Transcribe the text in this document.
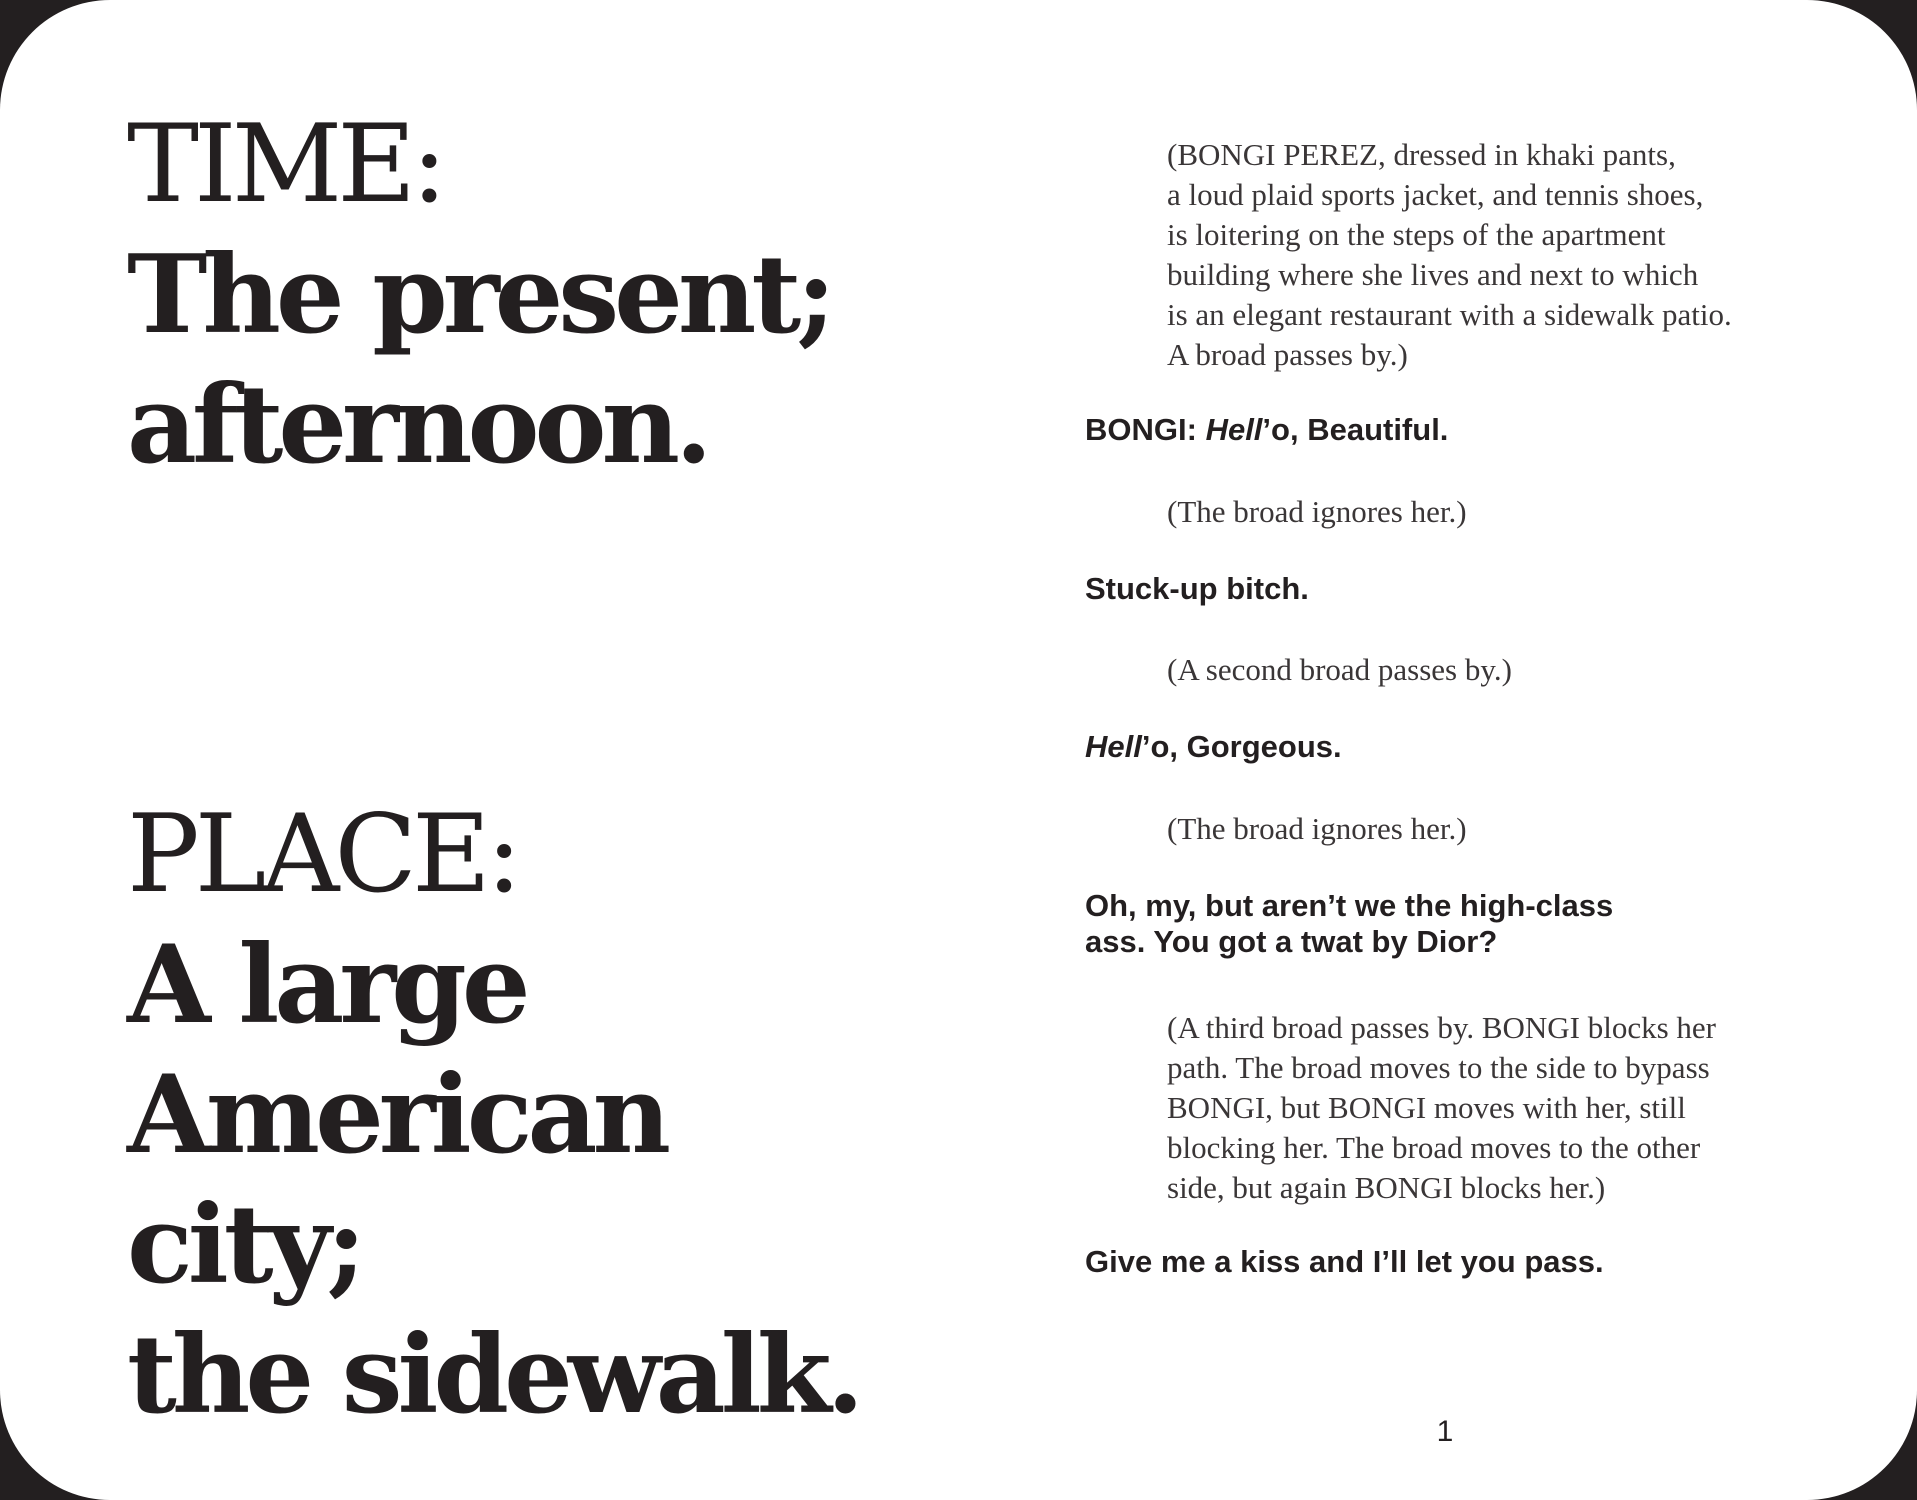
TIME:
The present;
afternoon.
PLACE:
A large
American
city;
the sidewalk.

(BONGI PEREZ, dressed in khaki pants,
a loud plaid sports jacket, and tennis shoes,
is loitering on the steps of the apartment
building where she lives and next to which
is an elegant restaurant with a sidewalk patio.
A broad passes by.)

BONGI: Hell’o, Beautiful.

(The broad ignores her.)

Stuck-up bitch.

(A second broad passes by.)

Hell’o, Gorgeous.

(The broad ignores her.)

Oh, my, but aren’t we the high-class
ass. You got a twat by Dior?

(A third broad passes by. BONGI blocks her
path. The broad moves to the side to bypass
BONGI, but BONGI moves with her, still
blocking her. The broad moves to the other
side, but again BONGI blocks her.)

Give me a kiss and I’ll let you pass.

1
